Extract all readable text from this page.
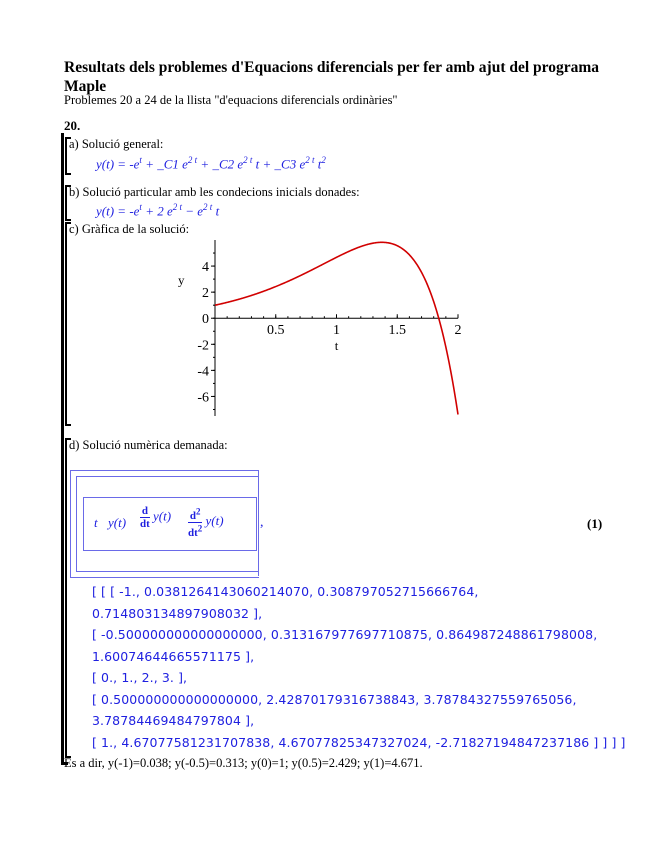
Resultats dels problemes d'Equacions diferencials per fer amb ajut del programa Maple
Problemes 20 a 24 de la llista "d'equacions diferencials ordinàries"
20.
a) Solució general:
$y(t) = -e^t$ + _C1 $e^{2 t}$ + _C2 $e^{2 t}$ t + _C3 $e^{2 t}$ $t^2$
b) Solució particular amb les condecions inicials donades:
$y(t) = -e^t + 2$ $e^{2 t} - e^{2 t}$ t
c) Gràfica de la solució:
0.5	1	1.5	2
4
2
0
-2
-4
-6
y
t
d) Solució numèrica demanada:
t $y(t) \frac{d}{dt} y(t) \frac{d^2}{dt^2} y(t)$	,	(1)
[ [ [ -1., 0.0381264143060214070, 0.308797052715666764,
0.714803134897908032 ],
[ -0.500000000000000000, 0.313167977697710875, 0.864987248861798008,
1.60074644665571175 ],
[ 0., 1., 2., 3. ],
[ 0.500000000000000000, 2.42870179316738843, 3.78784327559765056,
3.78784469484797804 ],
[ 1., 4.67077581231707838, 4.67077825347327024, -2.71827194847237186 ] ] ] ]
És a dir, y(-1)=0.038; y(-0.5)=0.313; y(0)=1; y(0.5)=2.429; y(1)=4.671.
